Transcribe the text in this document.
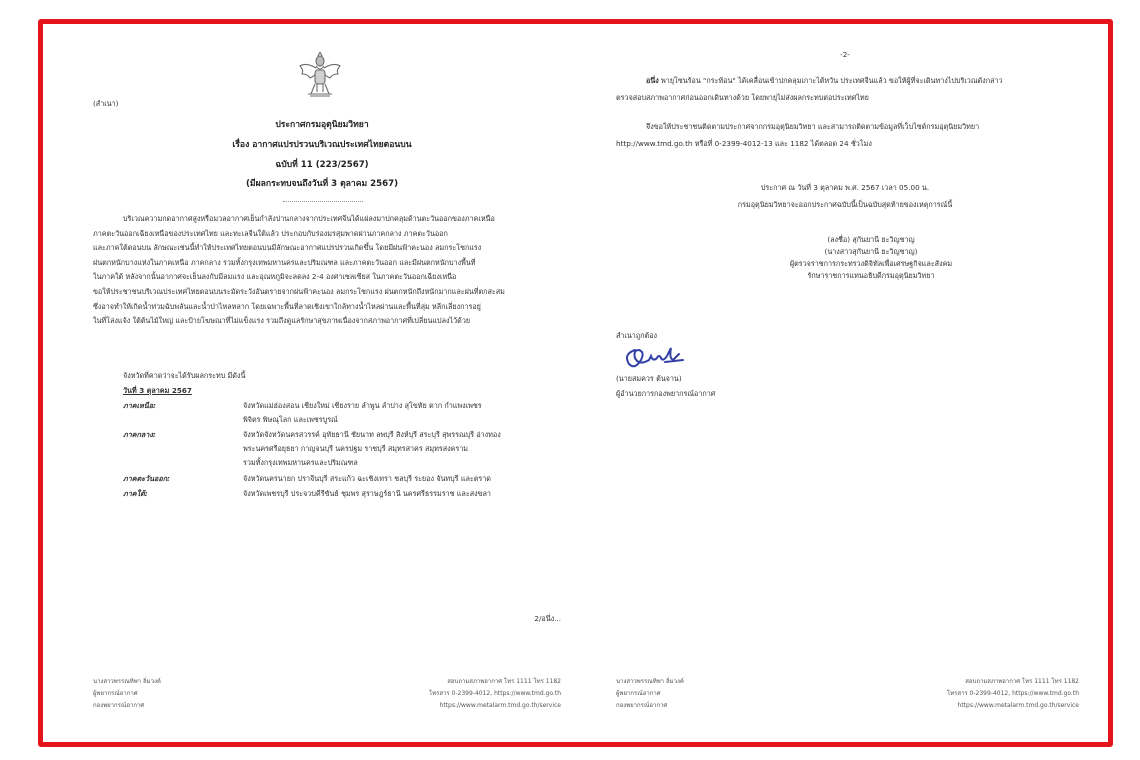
(สำเนา)
ประกาศกรมอุตุนิยมวิทยา
เรื่อง อากาศแปรปรวนบริเวณประเทศไทยตอนบน
ฉบับที่ 11 (223/2567)
(มีผลกระทบจนถึงวันที่ 3 ตุลาคม 2567)
บริเวณความกดอากาศสูงหรือมวลอากาศเย็นกำลังปานกลางจากประเทศจีนได้แผ่ลงมาปกคลุมด้านตะวันออกของภาคเหนือ
ภาคตะวันออกเฉียงเหนือของประเทศไทย และทะเลจีนใต้แล้ว ประกอบกับร่องมรสุมพาดผ่านภาคกลาง ภาคตะวันออก
และภาคใต้ตอนบน ลักษณะเช่นนี้ทำให้ประเทศไทยตอนบนมีลักษณะอากาศแปรปรวนเกิดขึ้น โดยมีฝนฟ้าคะนอง ลมกระโชกแรง
ฝนตกหนักบางแห่งในภาคเหนือ ภาคกลาง รวมทั้งกรุงเทพมหานครและปริมณฑล และภาคตะวันออก และมีฝนตกหนักบางพื้นที่
ในภาคใต้ หลังจากนั้นอากาศจะเย็นลงกับมีลมแรง และอุณหภูมิจะลดลง 2-4 องศาเซลเซียส ในภาคตะวันออกเฉียงเหนือ
ขอให้ประชาชนบริเวณประเทศไทยตอนบนระมัดระวังอันตรายจากฝนฟ้าคะนอง ลมกระโชกแรง ฝนตกหนักถึงหนักมากและฝนที่ตกสะสม
ซึ่งอาจทำให้เกิดน้ำท่วมฉับพลันและน้ำป่าไหลหลาก โดยเฉพาะพื้นที่ลาดเชิงเขาใกล้ทางน้ำไหลผ่านและพื้นที่ลุ่ม หลีกเลี่ยงการอยู่
ในที่โล่งแจ้ง ใต้ต้นไม้ใหญ่ และป้ายโฆษณาที่ไม่แข็งแรง รวมถึงดูแลรักษาสุขภาพเนื่องจากสภาพอากาศที่เปลี่ยนแปลงไว้ด้วย
จังหวัดที่คาดว่าจะได้รับผลกระทบ มีดังนี้
วันที่ 3 ตุลาคม 2567
ภาคเหนือ:	จังหวัดแม่ฮ่องสอน เชียงใหม่ เชียงราย ลำพูน ลำปาง สุโขทัย ตาก กำแพงเพชร
พิจิตร พิษณุโลก และเพชรบูรณ์
ภาคกลาง:	จังหวัดจังหวัดนครสวรรค์ อุทัยธานี ชัยนาท ลพบุรี สิงห์บุรี สระบุรี สุพรรณบุรี อ่างทอง
พระนครศรีอยุธยา กาญจนบุรี นครปฐม ราชบุรี สมุทรสาคร สมุทรสงคราม
รวมทั้งกรุงเทพมหานครและปริมณฑล
ภาคตะวันออก:	จังหวัดนครนายก ปราจีนบุรี สระแก้ว ฉะเชิงเทรา ชลบุรี ระยอง จันทบุรี และตราด
ภาคใต้:	จังหวัดเพชรบุรี ประจวบคีรีขันธ์ ชุมพร สุราษฎร์ธานี นครศรีธรรมราช และสงขลา
2/อนึ่ง...
นางสาวพรรณทิพา ลิ่มวงค์
ผู้พยากรณ์อากาศ
กองพยากรณ์อากาศ
สอบถามสภาพอากาศ โทร 1111 โทร 1182
โทรสาร 0-2399-4012, https://www.tmd.go.th
https://www.metalarm.tmd.go.th/service
-2-
อนึ่ง พายุโซนร้อน "กระท้อน" ได้เคลื่อนเข้าปกคลุมเกาะไต้หวัน ประเทศจีนแล้ว ขอให้ผู้ที่จะเดินทางไปบริเวณดังกล่าว
ตรวจสอบสภาพอากาศก่อนออกเดินทางด้วย โดยพายุไม่ส่งผลกระทบต่อประเทศไทย
จึงขอให้ประชาชนติดตามประกาศจากกรมอุตุนิยมวิทยา และสามารถติดตามข้อมูลที่เว็บไซต์กรมอุตุนิยมวิทยา
http://www.tmd.go.th หรือที่ 0-2399-4012-13 และ 1182 ได้ตลอด 24 ชั่วโมง
ประกาศ ณ วันที่ 3 ตุลาคม พ.ศ. 2567 เวลา 05.00 น.
กรมอุตุนิยมวิทยาจะออกประกาศฉบับนี้เป็นฉบับสุดท้ายของเหตุการณ์นี้
(ลงชื่อ) สุกันยานี ยะวิญชาญ
(นางสาวสุกันยานี ยะวิญชาญ)
ผู้ตรวจราชการกระทรวงดิจิทัลเพื่อเศรษฐกิจและสังคม
รักษาราชการแทนอธิบดีกรมอุตุนิยมวิทยา
สำเนาถูกต้อง
(นายสมควร ต้นจาน)
ผู้อำนวยการกองพยากรณ์อากาศ
นางสาวพรรณทิพา ลิ่มวงค์
ผู้พยากรณ์อากาศ
กองพยากรณ์อากาศ
สอบถามสภาพอากาศ โทร 1111 โทร 1182
โทรสาร 0-2399-4012, https://www.tmd.go.th
https://www.metalarm.tmd.go.th/service
